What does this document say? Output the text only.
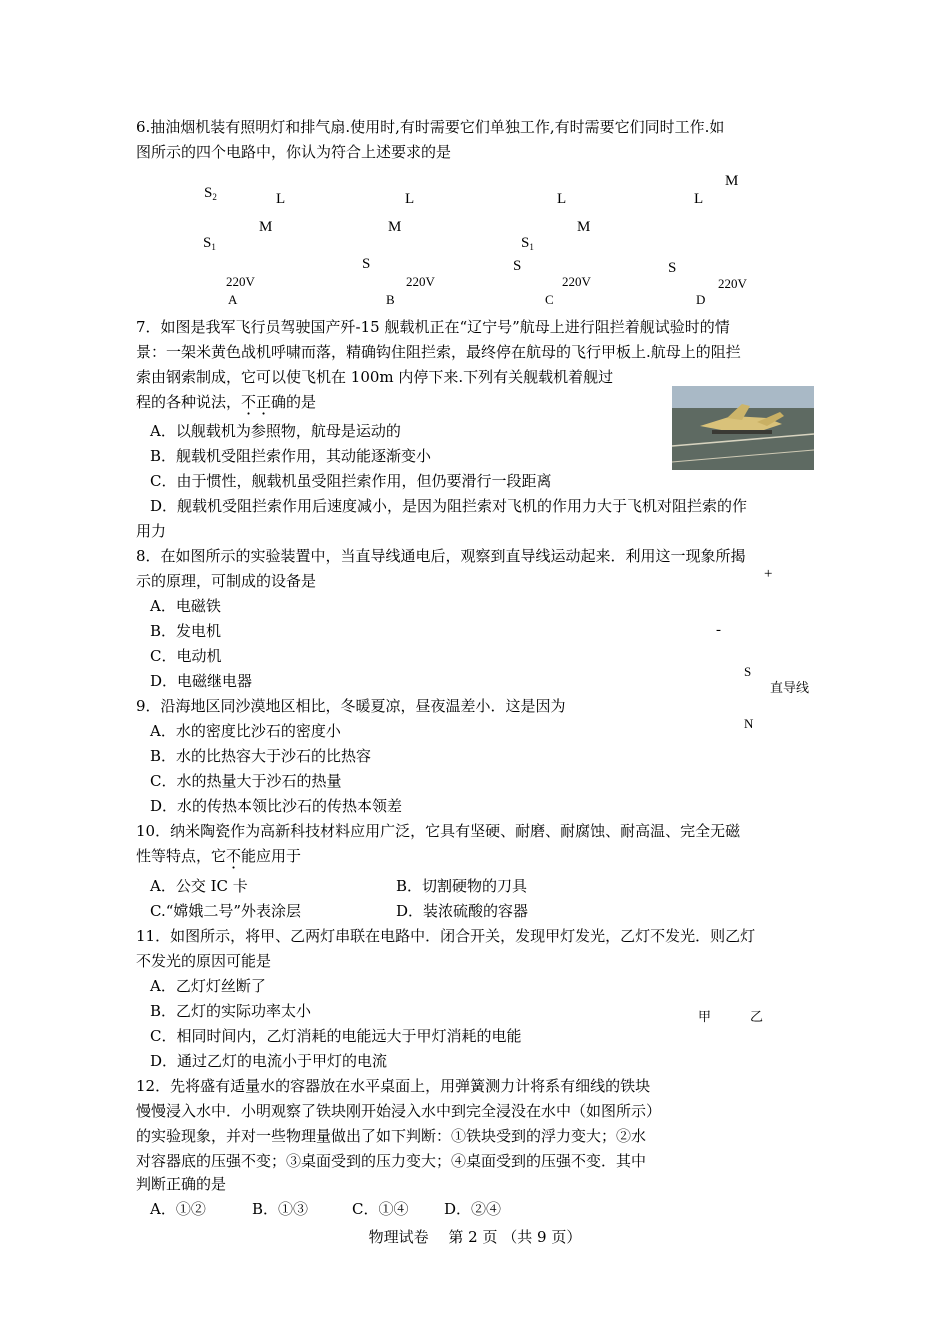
6.抽油烟机装有照明灯和排气扇.使用时,有时需要它们单独工作,有时需要它们同时工作.如
图所示的四个电路中，你认为符合上述要求的是
$S_2$	L
M
$S_1$
220V
A
L
M
S
220V
B
L
M
$S_1$
S
220V
C
M
L
S
220V
D
7．如图是我军飞行员驾驶国产歼-15 舰载机正在“辽宁号”航母上进行阻拦着舰试验时的情
景：一架米黄色战机呼啸而落，精确钩住阻拦索，最终停在航母的飞行甲板上.航母上的阻拦
索由钢索制成，它可以使飞机在 100m 内停下来.下列有关舰载机着舰过
程的各种说法，不正确的是
A．以舰载机为参照物，航母是运动的
B．舰载机受阻拦索作用，其动能逐渐变小
C．由于惯性，舰载机虽受阻拦索作用，但仍要滑行一段距离
D．舰载机受阻拦索作用后速度减小，是因为阻拦索对飞机的作用力大于飞机对阻拦索的作
用力
8．在如图所示的实验装置中，当直导线通电后，观察到直导线运动起来．利用这一现象所揭
示的原理，可制成的设备是
A．电磁铁
B．发电机
C．电动机
D．电磁继电器
+
-
S
直导线
N
9．沿海地区同沙漠地区相比，冬暖夏凉，昼夜温差小．这是因为
A．水的密度比沙石的密度小
B．水的比热容大于沙石的比热容
C．水的热量大于沙石的热量
D．水的传热本领比沙石的传热本领差
10．纳米陶瓷作为高新科技材料应用广泛，它具有坚硬、耐磨、耐腐蚀、耐高温、完全无磁
性等特点，它不能应用于
A．公交 IC 卡	B．切割硬物的刀具
C.“嫦娥二号”外表涂层	D．装浓硫酸的容器
11．如图所示，将甲、乙两灯串联在电路中．闭合开关，发现甲灯发光，乙灯不发光．则乙灯
不发光的原因可能是
A．乙灯灯丝断了
B．乙灯的实际功率太小
C．相同时间内，乙灯消耗的电能远大于甲灯消耗的电能
D．通过乙灯的电流小于甲灯的电流
甲	乙
12．先将盛有适量水的容器放在水平桌面上，用弹簧测力计将系有细线的铁块
慢慢浸入水中．小明观察了铁块刚开始浸入水中到完全浸没在水中（如图所示）
的实验现象，并对一些物理量做出了如下判断：①铁块受到的浮力变大；②水
对容器底的压强不变；③桌面受到的压力变大；④桌面受到的压强不变．其中
判断正确的是
A．①②	B．①③	C．①④ D．②④
物理试卷　 第 2 页 （共 9 页）
